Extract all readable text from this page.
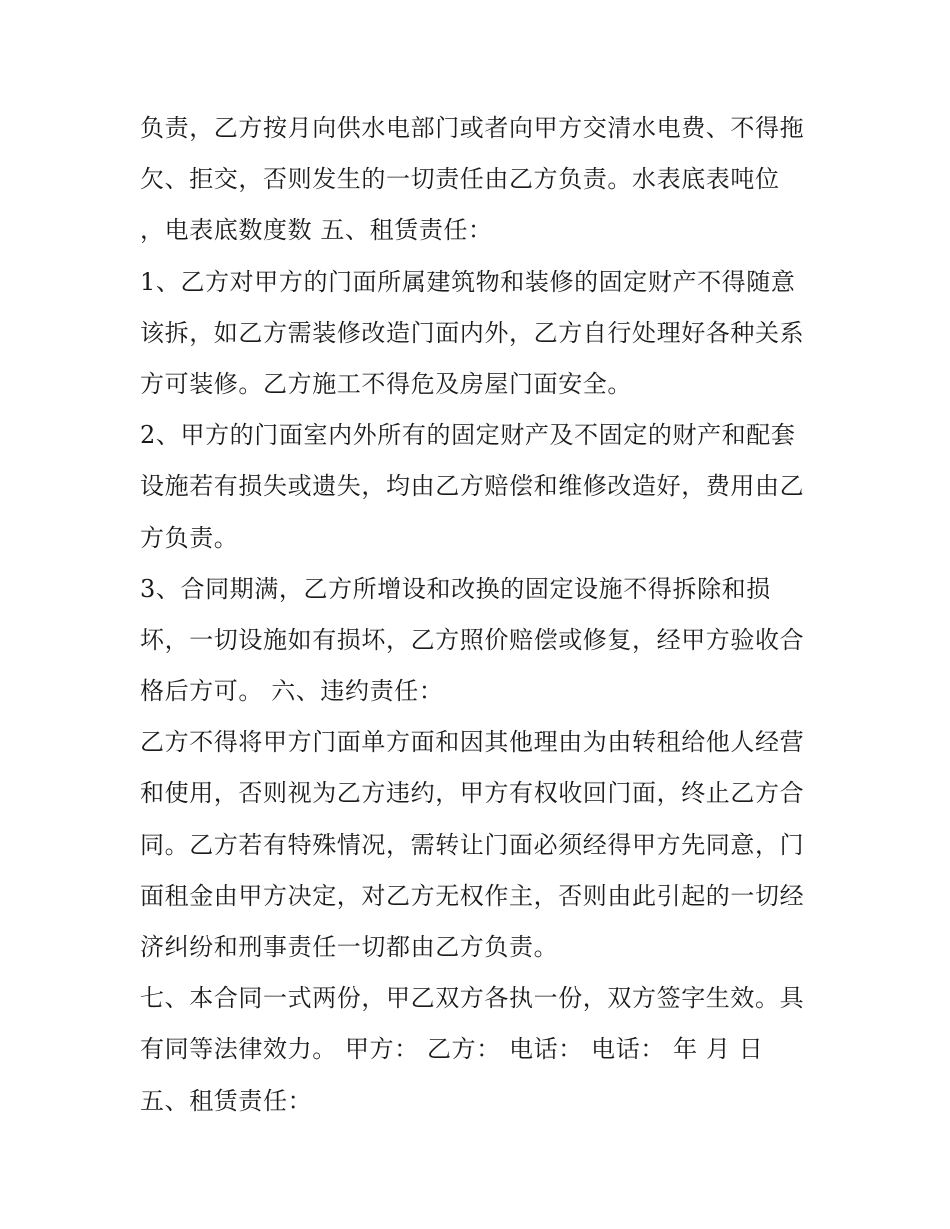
负责，乙方按月向供水电部门或者向甲方交清水电费、不得拖
欠、拒交，否则发生的一切责任由乙方负责。水表底表吨位
，电表底数度数 五、租赁责任：
1、乙方对甲方的门面所属建筑物和装修的固定财产不得随意
该拆，如乙方需装修改造门面内外，乙方自行处理好各种关系
方可装修。乙方施工不得危及房屋门面安全。
2、甲方的门面室内外所有的固定财产及不固定的财产和配套
设施若有损失或遗失，均由乙方赔偿和维修改造好，费用由乙
方负责。
3、合同期满，乙方所增设和改换的固定设施不得拆除和损
坏，一切设施如有损坏，乙方照价赔偿或修复，经甲方验收合
格后方可。 六、违约责任：
乙方不得将甲方门面单方面和因其他理由为由转租给他人经营
和使用，否则视为乙方违约，甲方有权收回门面，终止乙方合
同。乙方若有特殊情况，需转让门面必须经得甲方先同意，门
面租金由甲方决定，对乙方无权作主，否则由此引起的一切经
济纠纷和刑事责任一切都由乙方负责。
七、本合同一式两份，甲乙双方各执一份，双方签字生效。具
有同等法律效力。 甲方： 乙方： 电话： 电话： 年 月 日
五、租赁责任：
